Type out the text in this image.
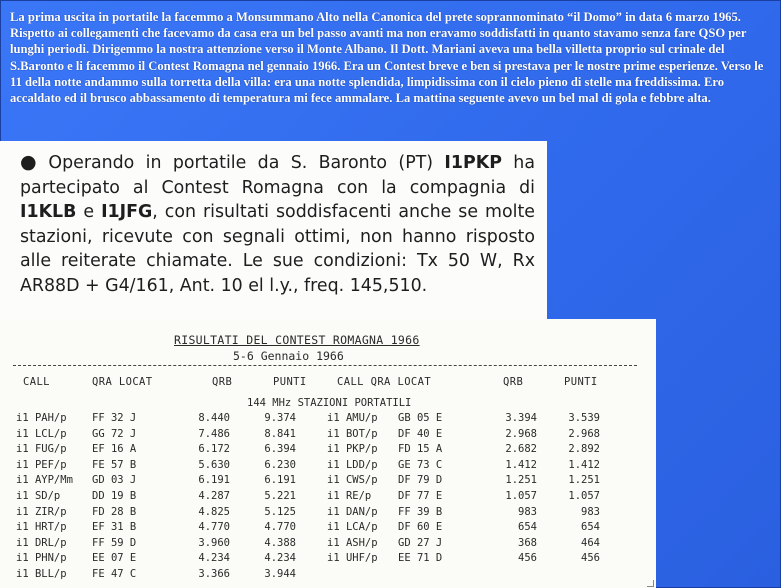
La prima uscita in portatile la facemmo a Monsummano Alto nella Canonica del prete soprannominato “il Domo” in data 6 marzo 1965. Rispetto ai collegamenti che facevamo da casa era un bel passo avanti ma non eravamo soddisfatti in quanto stavamo senza fare QSO per lunghi periodi. Dirigemmo la nostra attenzione verso il Monte Albano. Il Dott. Mariani aveva una bella villetta proprio sul crinale del S.Baronto e li facemmo il Contest Romagna nel gennaio 1966. Era un Contest breve e ben si prestava per le nostre prime esperienze. Verso le 11 della notte andammo sulla torretta della villa: era una notte splendida, limpidissima con il cielo pieno di stelle ma freddissima. Ero accaldato ed il brusco abbassamento di temperatura mi fece ammalare. La mattina seguente avevo un bel mal di gola e febbre alta.

● Operando in portatile da S. Baronto (PT) I1PKP ha partecipato al Contest Romagna con la compagnia di I1KLB e I1JFG, con risultati soddisfacenti anche se molte stazioni, ricevute con segnali ottimi, non hanno risposto alle reiterate chiamate. Le sue condizioni: Tx 50 W, Rx AR88D + G4/161, Ant. 10 el l.y., freq. 145,510.

RISULTATI DEL CONTEST ROMAGNA 1966
5-6 Gennaio 1966
CALL	QRA LOCAT	QRB	PUNTI	CALL QRA LOCAT	QRB	PUNTI
144 MHz STAZIONI PORTATILI
i1 PAH/p FF 32 J	8.440	9.374
i1 LCL/p GG 72 J	7.486	8.841
i1 FUG/p EF 16 A	6.172	6.394
i1 PEF/p FE 57 B	5.630	6.230
i1 AYP/Mm GD 03 J	6.191	6.191
i1 SD/p	DD 19 B	4.287	5.221
i1 ZIR/p FD 28 B	4.825	5.125
i1 HRT/p EF 31 B	4.770	4.770
i1 DRL/p FF 59 D	3.960	4.388
i1 PHN/p EE 07 E	4.234	4.234
i1 BLL/p FE 47 C	3.366	3.944
i1 AMU/p GB 05 E	3.394	3.539
i1 BOT/p DF 40 E	2.968	2.968
i1 PKP/p FD 15 A	2.682	2.892
i1 LDD/p GE 73 C	1.412	1.412
i1 CWS/p DF 79 D	1.251	1.251
i1 RE/p	DF 77 E	1.057	1.057
i1 DAN/p FF 39 B	983	983
i1 LCA/p DF 60 E	654	654
i1 ASH/p GD 27 J	368	464
i1 UHF/p EE 71 D	456	456
